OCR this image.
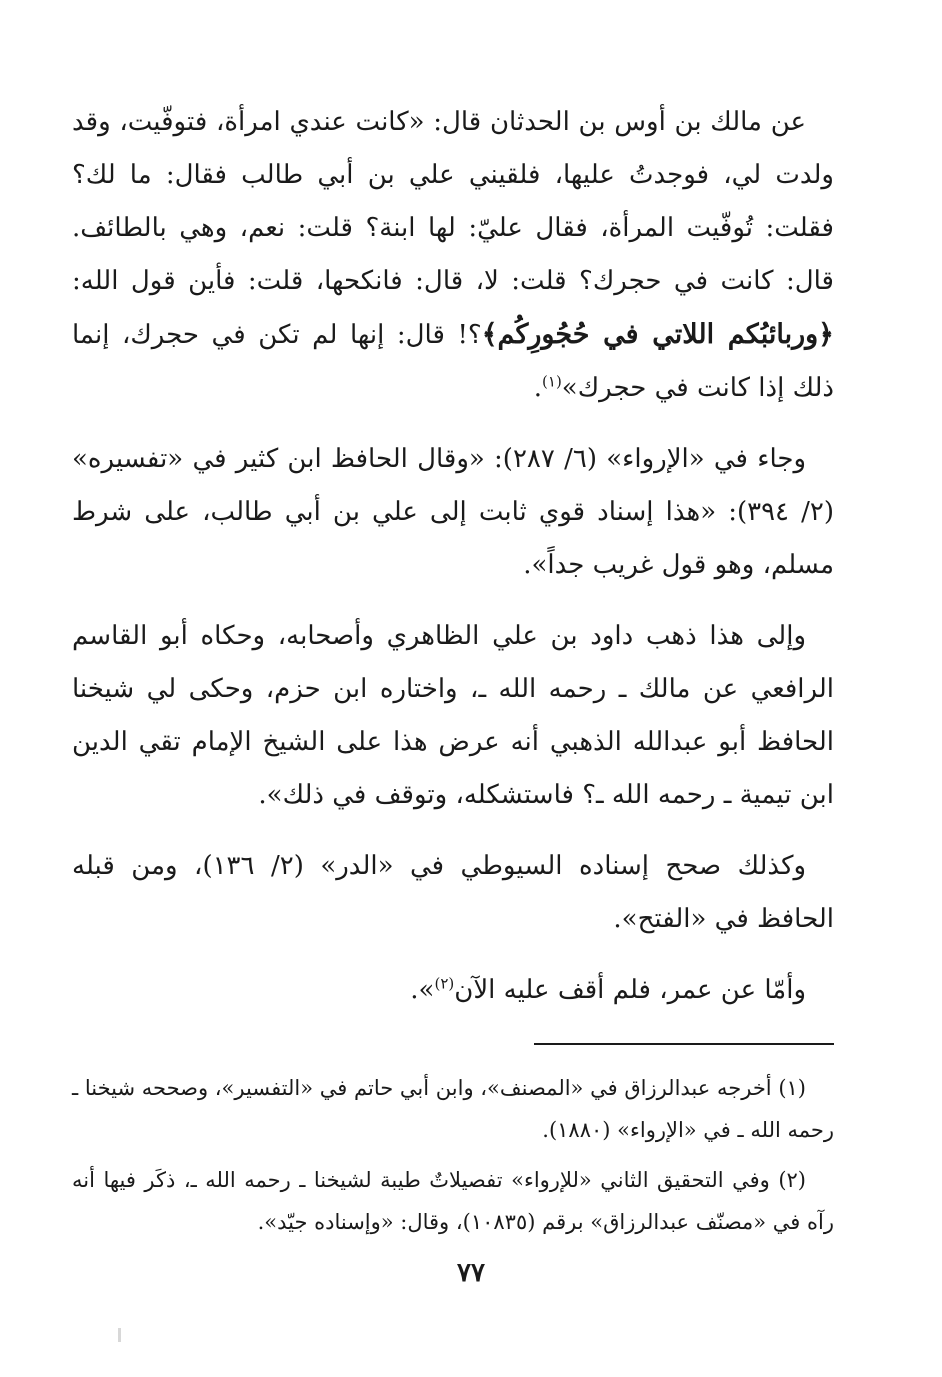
عن مالك بن أوس بن الحدثان قال: «كانت عندي امرأة، فتوفّيت، وقد ولدت لي، فوجدتُ عليها، فلقيني علي بن أبي طالب فقال: ما لك؟ فقلت: تُوفّيت المرأة، فقال عليّ: لها ابنة؟ قلت: نعم، وهي بالطائف. قال: كانت في حجرك؟ قلت: لا، قال: فانكحها، قلت: فأين قول الله: ﴿وربائبُكم اللاتي في حُجُورِكُم﴾؟! قال: إنها لم تكن في حجرك، إنما ذلك إذا كانت في حجرك»$^{(١)}$.

وجاء في «الإرواء» (٦/ ٢٨٧): «وقال الحافظ ابن كثير في «تفسيره» (٢/ ٣٩٤): «هذا إسناد قوي ثابت إلى علي بن أبي طالب، على شرط مسلم، وهو قول غريب جداً».

وإلى هذا ذهب داود بن علي الظاهري وأصحابه، وحكاه أبو القاسم الرافعي عن مالك ـ رحمه الله ـ، واختاره ابن حزم، وحكى لي شيخنا الحافظ أبو عبدالله الذهبي أنه عرض هذا على الشيخ الإمام تقي الدين ابن تيمية ـ رحمه الله ـ؟ فاستشكله، وتوقف في ذلك».

وكذلك صحح إسناده السيوطي في «الدر» (٢/ ١٣٦)، ومن قبله الحافظ في «الفتح».

وأمّا عن عمر، فلم أقف عليه الآن$^{(٢)}$».

(١) أخرجه عبدالرزاق في «المصنف»، وابن أبي حاتم في «التفسير»، وصححه شيخنا ـ رحمه الله ـ في «الإرواء» (١٨٨٠).

(٢) وفي التحقيق الثاني «للإرواء» تفصيلاتٌ طيبة لشيخنا ـ رحمه الله ـ، ذكَر فيها أنه رآه في «مصنّف عبدالرزاق» برقم (١٠٨٣٥)، وقال: «وإسناده جيّد».

٧٧
